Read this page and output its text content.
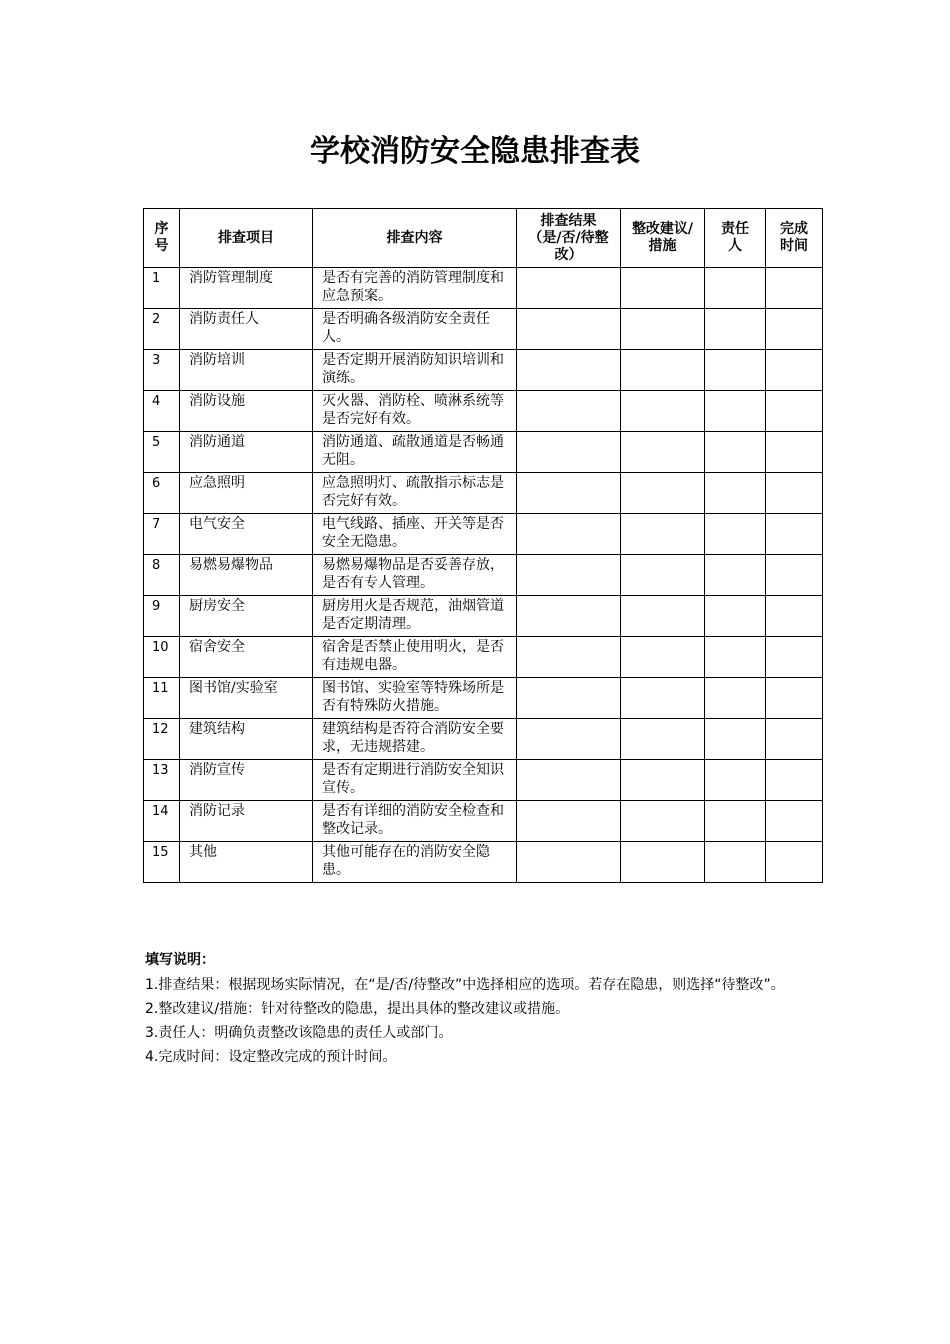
学校消防安全隐患排查表
序号	排查项目	排查内容	排查结果（是/否/待整改）	整改建议/措施	责任人	完成时间
1	消防管理制度	是否有完善的消防管理制度和应急预案。				
2	消防责任人	是否明确各级消防安全责任人。				
3	消防培训	是否定期开展消防知识培训和演练。				
4	消防设施	灭火器、消防栓、喷淋系统等是否完好有效。				
5	消防通道	消防通道、疏散通道是否畅通无阻。				
6	应急照明	应急照明灯、疏散指示标志是否完好有效。				
7	电气安全	电气线路、插座、开关等是否安全无隐患。				
8	易燃易爆物品	易燃易爆物品是否妥善存放，是否有专人管理。				
9	厨房安全	厨房用火是否规范，油烟管道是否定期清理。				
10	宿舍安全	宿舍是否禁止使用明火，是否有违规电器。				
11	图书馆/实验室	图书馆、实验室等特殊场所是否有特殊防火措施。				
12	建筑结构	建筑结构是否符合消防安全要求，无违规搭建。				
13	消防宣传	是否有定期进行消防安全知识宣传。				
14	消防记录	是否有详细的消防安全检查和整改记录。				
15	其他	其他可能存在的消防安全隐患。				
填写说明：
1.排查结果：根据现场实际情况，在“是/否/待整改”中选择相应的选项。若存在隐患，则选择“待整改”。
2.整改建议/措施：针对待整改的隐患，提出具体的整改建议或措施。
3.责任人：明确负责整改该隐患的责任人或部门。
4.完成时间：设定整改完成的预计时间。
